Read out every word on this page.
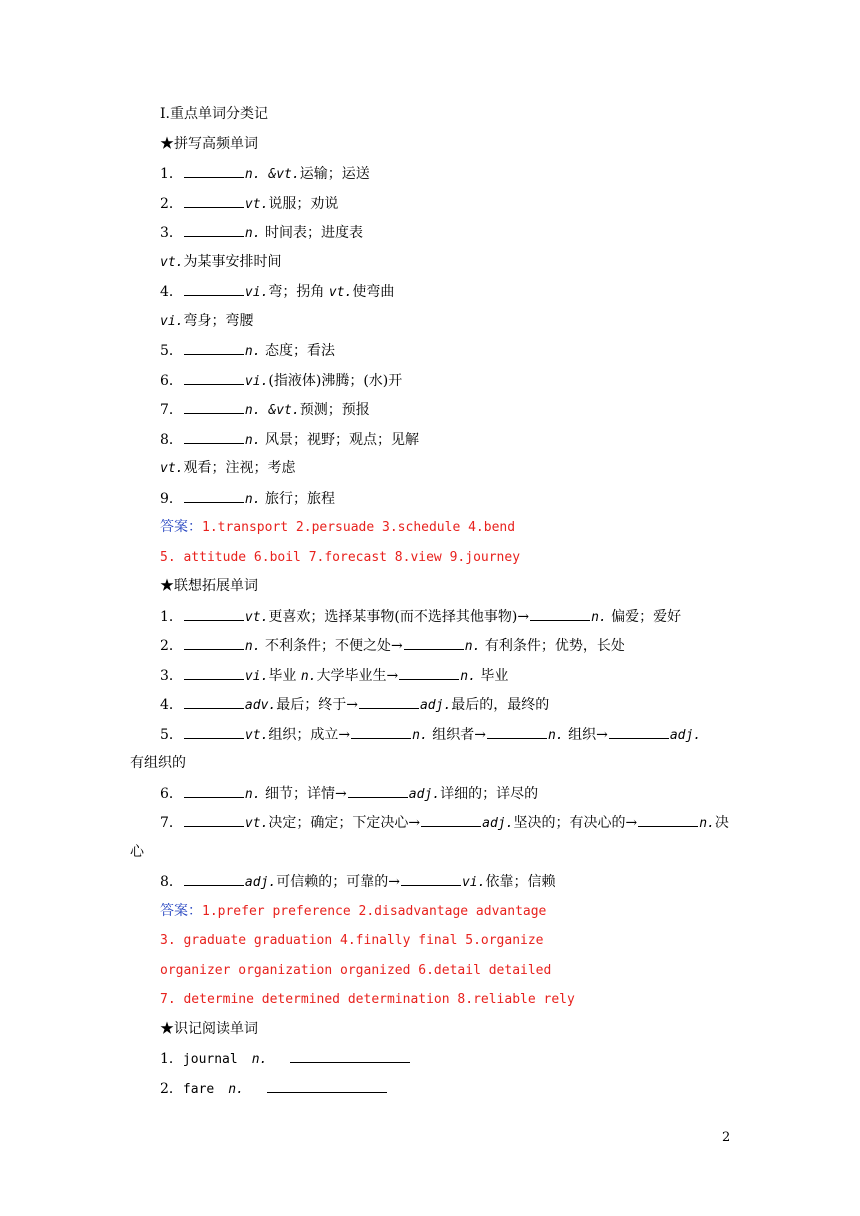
Ⅰ.重点单词分类记
★拼写高频单词
1．	n. &vt.运输；运送
2．	vt.说服；劝说
3．	n. 时间表；进度表
vt.为某事安排时间
4．	vi.弯；拐角 vt.使弯曲
vi.弯身；弯腰
5．	n. 态度；看法
6．	vi.(指液体)沸腾；(水)开
7．	n. &vt.预测；预报
8．	n. 风景；视野；观点；见解
vt.观看；注视；考虑
9．	n. 旅行；旅程
答案：1.transport 2.persuade 3.schedule 4.bend
5. attitude 6.boil 7.forecast 8.view 9.journey
★联想拓展单词
1．	vt.更喜欢；选择某事物(而不选择其他事物)→	n. 偏爱；爱好
2．	n. 不利条件；不便之处→	n. 有利条件；优势，长处
3．	vi.毕业 n.大学毕业生→	n. 毕业
4．	adv.最后；终于→	adj.最后的，最终的
5．	vt.组织；成立→	n. 组织者→	n. 组织→	adj.
有组织的
6．	n. 细节；详情→	adj.详细的；详尽的
7．	vt.决定；确定；下定决心→	adj.坚决的；有决心的→	n.决
心
8．	adj.可信赖的；可靠的→	vi.依靠；信赖
答案：1.prefer preference 2.disadvantage advantage
3. graduate graduation 4.finally final 5.organize
organizer organization organized 6.detail detailed
7. determine determined determination 8.reliable rely
★识记阅读单词
1．journal n.
2．fare n.
2
